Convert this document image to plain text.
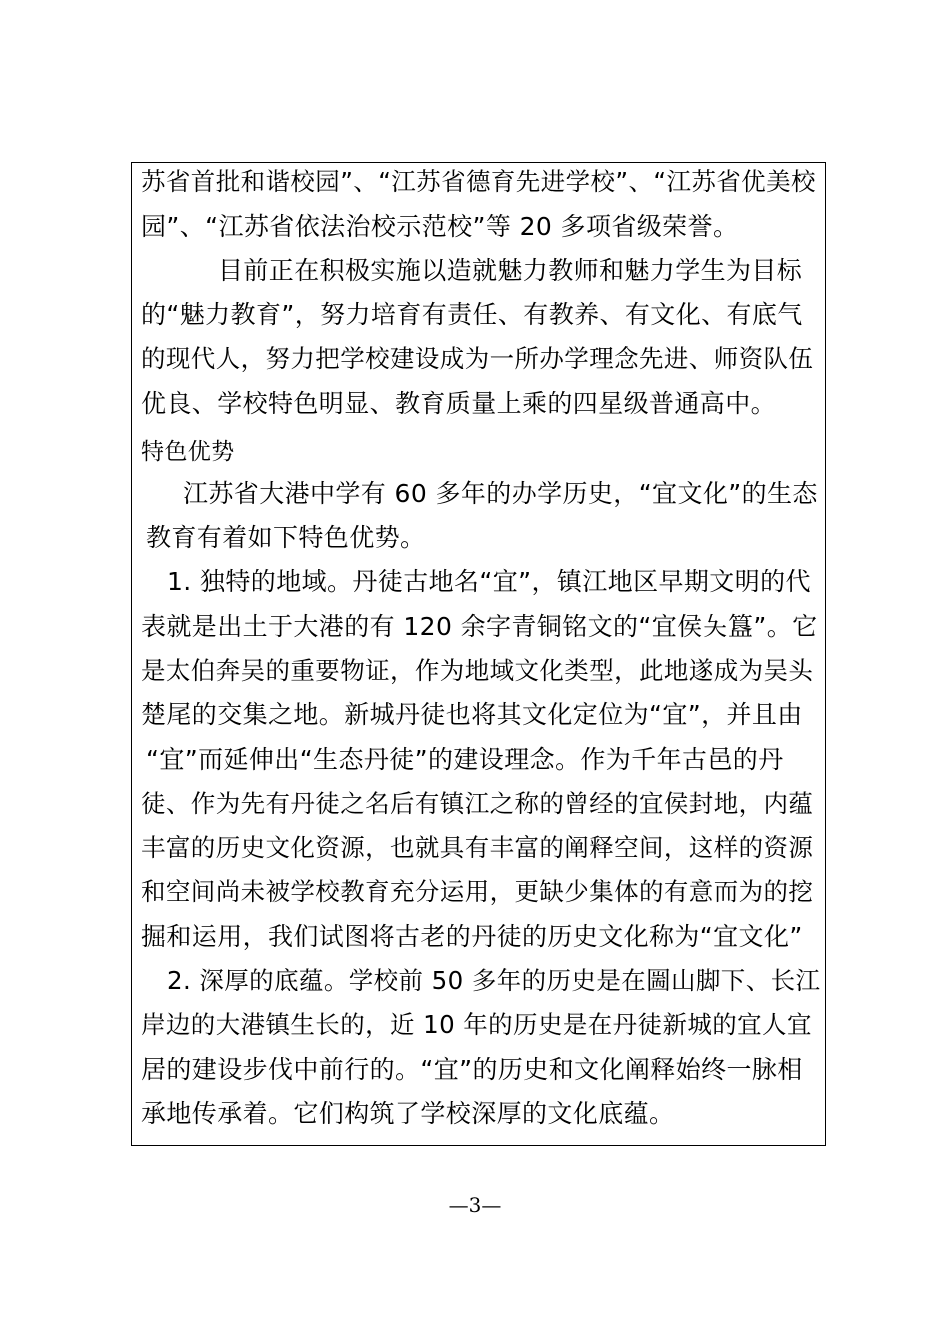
苏省首批和谐校园”、“江苏省德育先进学校”、“江苏省优美校
园”、“江苏省依法治校示范校”等 20 多项省级荣誉。
目前正在积极实施以造就魅力教师和魅力学生为目标
的“魅力教育”，努力培育有责任、有教养、有文化、有底气
的现代人，努力把学校建设成为一所办学理念先进、师资队伍
优良、学校特色明显、教育质量上乘的四星级普通高中。
特色优势
江苏省大港中学有 60 多年的办学历史，“宜文化”的生态
教育有着如下特色优势。
1. 独特的地域。丹徒古地名“宜”，镇江地区早期文明的代
表就是出土于大港的有 120 余字青铜铭文的“宜侯夨簋”。它
是太伯奔吴的重要物证，作为地域文化类型，此地遂成为吴头
楚尾的交集之地。新城丹徒也将其文化定位为“宜”，并且由
“宜”而延伸出“生态丹徒”的建设理念。作为千年古邑的丹
徒、作为先有丹徒之名后有镇江之称的曾经的宜侯封地，内蕴
丰富的历史文化资源，也就具有丰富的阐释空间，这样的资源
和空间尚未被学校教育充分运用，更缺少集体的有意而为的挖
掘和运用，我们试图将古老的丹徒的历史文化称为“宜文化”
2. 深厚的底蕴。学校前 50 多年的历史是在圌山脚下、长江
岸边的大港镇生长的，近 10 年的历史是在丹徒新城的宜人宜
居的建设步伐中前行的。“宜”的历史和文化阐释始终一脉相
承地传承着。它们构筑了学校深厚的文化底蕴。
—3—
